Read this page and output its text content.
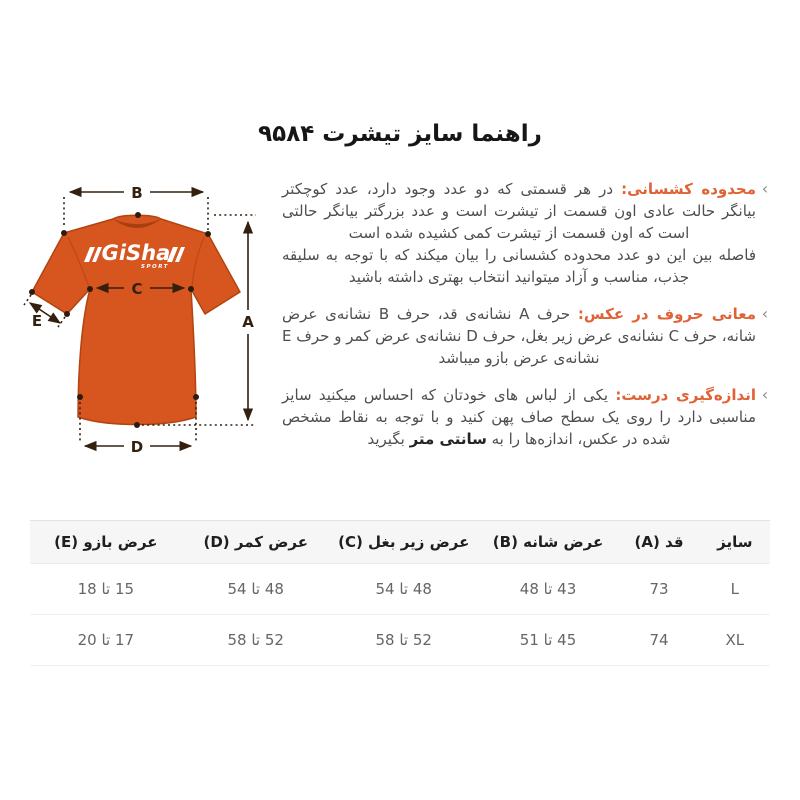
راهنما سایز تیشرت ۹۵۸۴
‹
محدوده کشسانی: در هر قسمتی که دو عدد وجود دارد، عدد کوچکتر بیانگر حالت عادی اون قسمت از تیشرت است و عدد بزرگتر بیانگر حالتی است که اون قسمت از تیشرت کمی کشیده شده است
فاصله بین این دو عدد محدوده کشسانی را بیان میکند که با توجه به سلیقه جذب، مناسب و آزاد میتوانید انتخاب بهتری داشته باشید
‹
معانی حروف در عکس: حرف A نشانه‌ی قد، حرف B نشانه‌ی عرض شانه، حرف C نشانه‌ی عرض زیر بغل، حرف D نشانه‌ی عرض کمر و حرف E نشانه‌ی عرض بازو میباشد
‹
اندازه‌گیری درست: یکی از لباس های خودتان که احساس میکنید سایز مناسبی دارد را روی یک سطح صاف پهن کنید و با توجه به نقاط مشخص شده در عکس، اندازه‌ها را به سانتی متر بگیرید
GiSha
SPORT
B
A
C
D
E
سایز	قد (A)	عرض شانه (B)	عرض زیر بغل (C)	عرض کمر (D)	عرض بازو (E)
L	73	43 تا 48	48 تا 54	48 تا 54	15 تا 18
XL	74	45 تا 51	52 تا 58	52 تا 58	17 تا 20
